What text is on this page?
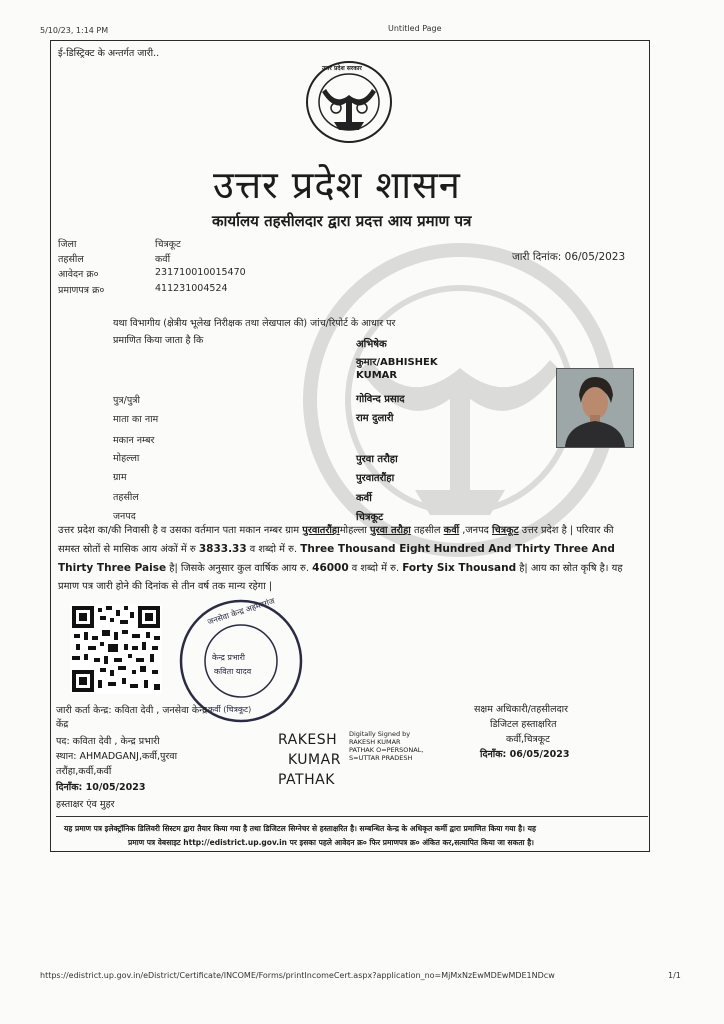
5/10/23, 1:14 PM	Untitled Page
ई-डिस्ट्रिक्ट के अन्तर्गत जारी..
उत्तर प्रदेश सरकार
उत्तर प्रदेश शासन
कार्यालय तहसीलदार द्वारा प्रदत्त आय प्रमाण पत्र
जिला	चित्रकूट
तहसील	कर्वी
आवेदन क्र०	231710010015470
प्रमाणपत्र क्र०	411231004524
जारी दिनांक: 06/05/2023
यथा विभागीय (क्षेत्रीय भूलेख निरीक्षक तथा लेखपाल की) जांच/रिपोर्ट के आधार पर
प्रमाणित किया जाता है कि	अभिषेक
कुमार/ABHISHEK
KUMAR
पुत्र/पुत्री	गोविन्द प्रसाद
माता का नाम	राम दुलारी
मकान नम्बर
मोहल्ला	पुरवा तरौहा
ग्राम	पुरवातरौंहा
तहसील	कर्वी
जनपद	चित्रकूट
उत्तर प्रदेश का/की निवासी है व उसका वर्तमान पता मकान नम्बर ग्राम पुरवातरौंहामोहल्ला पुरवा तरौहा तहसील कर्वी ,जनपद चित्रकूट उत्तर प्रदेश है | परिवार की समस्त स्रोतों से मासिक आय अंकों में रु 3833.33 व शब्दो में रु. Three Thousand Eight Hundred And Thirty Three And Thirty Three Paise है| जिसके अनुसार कुल वार्षिक आय रु. 46000 व शब्दो में रु. Forty Six Thousand है| आय का स्रोत कृषि है। यह प्रमाण पत्र जारी होने की दिनांक से तीन वर्ष तक मान्य रहेगा |
जनसेवा केन्द्र अहमदगंज
केन्द्र प्रभारी
कविता यादव
कर्वी (चित्रकूट)
जारी कर्ता केन्द्र: कविता देवी , जनसेवा केन्द्र
केंद्र
पद: कविता देवी , केन्द्र प्रभारी
स्थान: AHMADGANJ,कर्वी,पुरवा
तरौंहा,कर्वी,कर्वी
दिनाँक: 10/05/2023
हस्ताक्षर एंव मुहर
RAKESH
KUMAR
PATHAK
Digitally Signed by
RAKESH KUMAR
PATHAK O=PERSONAL,
S=UTTAR PRADESH
सक्षम अधिकारी/तहसीलदार
डिजिटल हस्ताक्षरित
कर्वी,चित्रकूट
दिनाँक: 06/05/2023
यह प्रमाण पत्र इलेक्ट्रॉनिक डिलिवरी सिस्टम द्वारा तैयार किया गया है तथा डिजिटल सिग्नेचर से हस्ताक्षरित है। सम्बन्धित केन्द्र के अधिकृत कर्मी द्वारा प्रमाणित किया गया है। यह
प्रमाण पत्र वेबसाइट http://edistrict.up.gov.in पर इसका पहले आवेदन क्र० फिर प्रमाणपत्र क्र० अंकित कर,सत्यापित किया जा सकता है।
https://edistrict.up.gov.in/eDistrict/Certificate/INCOME/Forms/printIncomeCert.aspx?application_no=MjMxNzEwMDEwMDE1NDcw	1/1
